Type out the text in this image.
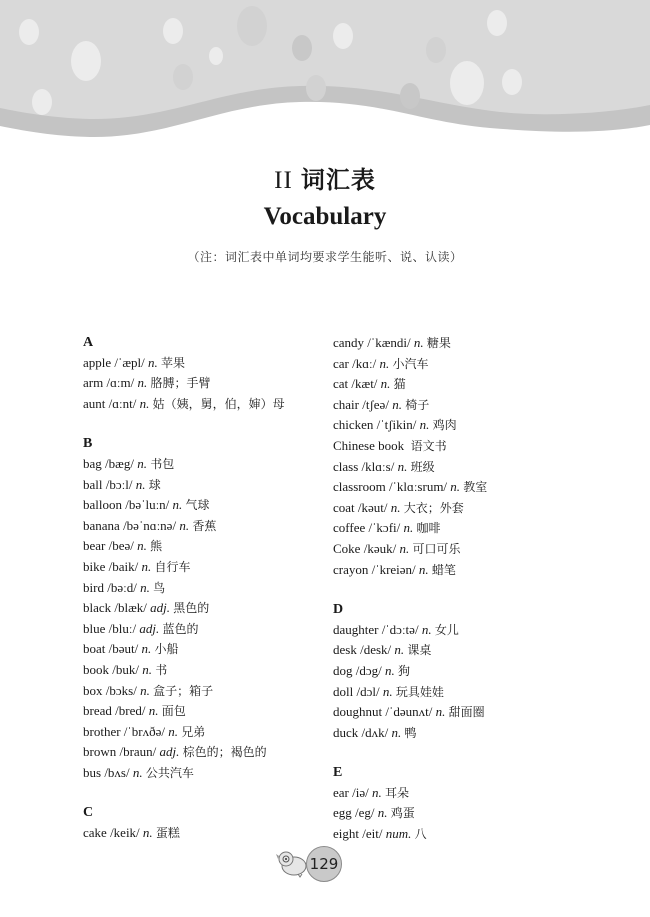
II 词汇表
Vocabulary
（注：词汇表中单词均要求学生能听、说、认读）
A
apple /ˈæpl/ n. 苹果
arm /ɑːm/ n. 胳膊；手臂
aunt /ɑːnt/ n. 姑（姨，舅，伯，婶）母
B
bag /bæg/ n. 书包
ball /bɔːl/ n. 球
balloon /bəˈluːn/ n. 气球
banana /bəˈnɑːnə/ n. 香蕉
bear /beə/ n. 熊
bike /baik/ n. 自行车
bird /bəːd/ n. 鸟
black /blæk/ adj. 黑色的
blue /bluː/ adj. 蓝色的
boat /bəut/ n. 小船
book /buk/ n. 书
box /bɔks/ n. 盒子；箱子
bread /bred/ n. 面包
brother /ˈbrʌðə/ n. 兄弟
brown /braun/ adj. 棕色的；褐色的
bus /bʌs/ n. 公共汽车
C
cake /keik/ n. 蛋糕
candy /ˈkændi/ n. 糖果
car /kɑː/ n. 小汽车
cat /kæt/ n. 猫
chair /tʃeə/ n. 椅子
chicken /ˈtʃikin/ n. 鸡肉
Chinese book 语文书
class /klɑːs/ n. 班级
classroom /ˈklɑːsrum/ n. 教室
coat /kəut/ n. 大衣；外套
coffee /ˈkɔfi/ n. 咖啡
Coke /kəuk/ n. 可口可乐
crayon /ˈkreiən/ n. 蜡笔
D
daughter /ˈdɔːtə/ n. 女儿
desk /desk/ n. 课桌
dog /dɔg/ n. 狗
doll /dɔl/ n. 玩具娃娃
doughnut /ˈdəunʌt/ n. 甜面圈
duck /dʌk/ n. 鸭
E
ear /iə/ n. 耳朵
egg /eg/ n. 鸡蛋
eight /eit/ num. 八
129
